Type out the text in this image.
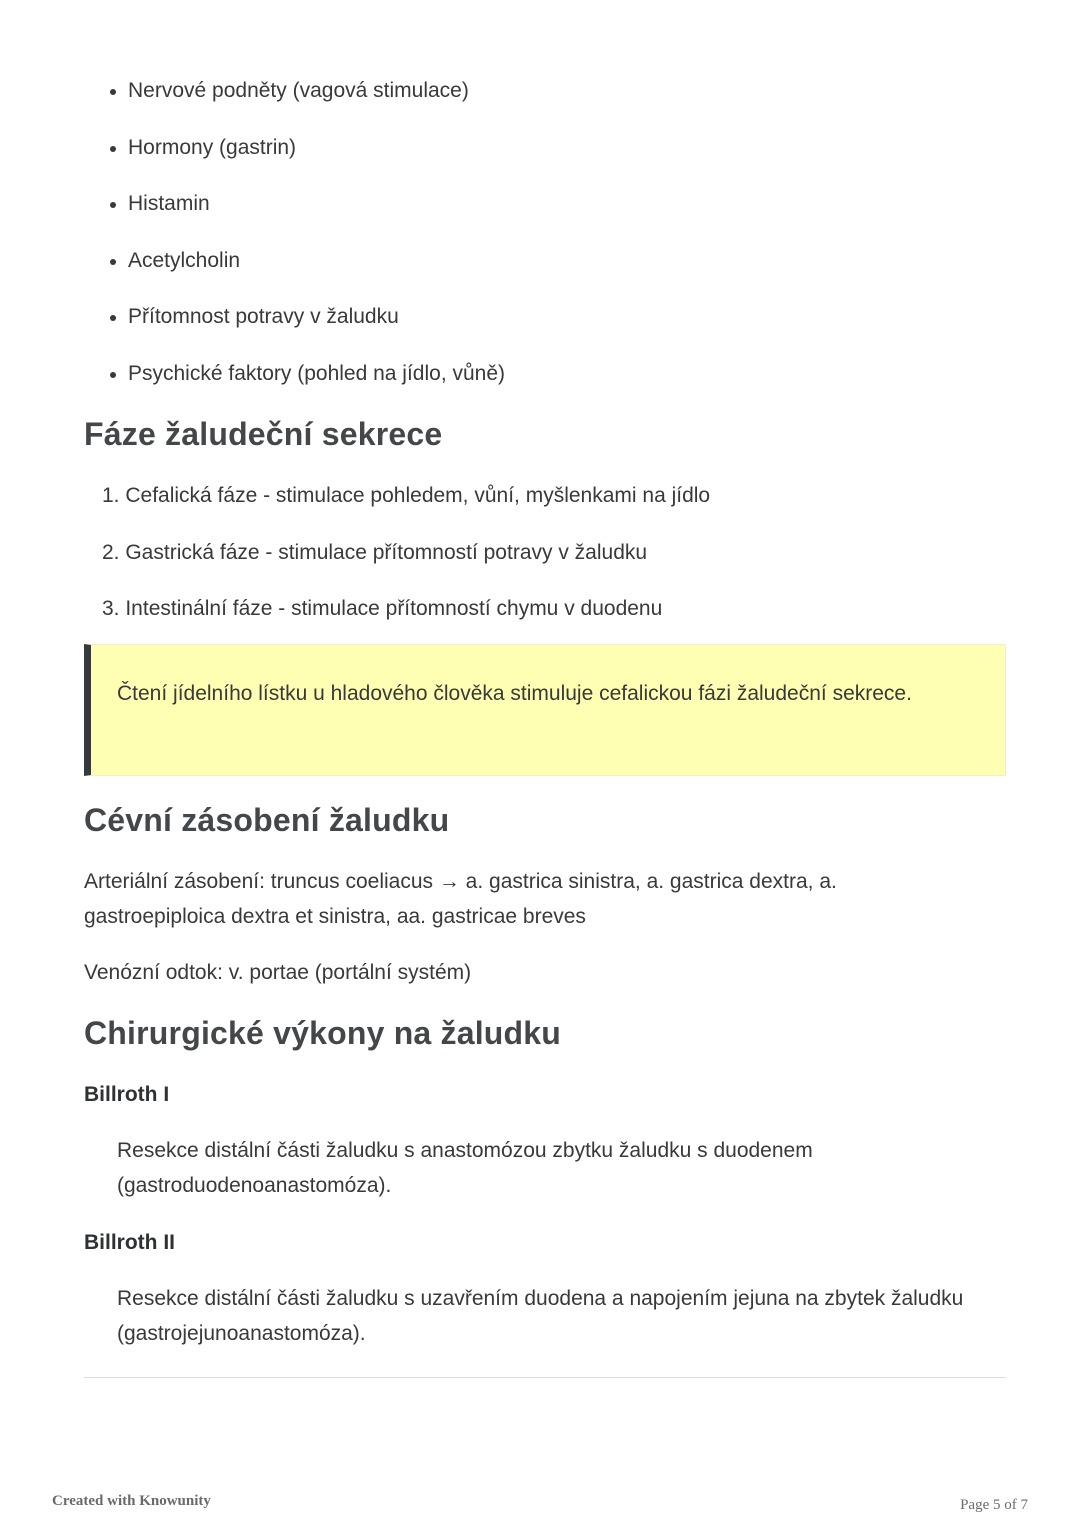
Nervové podněty (vagová stimulace)
Hormony (gastrin)
Histamin
Acetylcholin
Přítomnost potravy v žaludku
Psychické faktory (pohled na jídlo, vůně)
Fáze žaludeční sekrece
1. Cefalická fáze - stimulace pohledem, vůní, myšlenkami na jídlo
2. Gastrická fáze - stimulace přítomností potravy v žaludku
3. Intestinální fáze - stimulace přítomností chymu v duodenu

Čtení jídelního lístku u hladového člověka stimuluje cefalickou fázi žaludeční sekrece.

Cévní zásobení žaludku

Arteriální zásobení: truncus coeliacus → a. gastrica sinistra, a. gastrica dextra, a. gastroepiploica dextra et sinistra, aa. gastricae breves

Venózní odtok: v. portae (portální systém)

Chirurgické výkony na žaludku
Billroth I

Resekce distální části žaludku s anastomózou zbytku žaludku s duodenem (gastroduodenoanastomóza).

Billroth II

Resekce distální části žaludku s uzavřením duodena a napojením jejuna na zbytek žaludku (gastrojejunoanastomóza).

Created with Knowunity	Page 5 of 7
